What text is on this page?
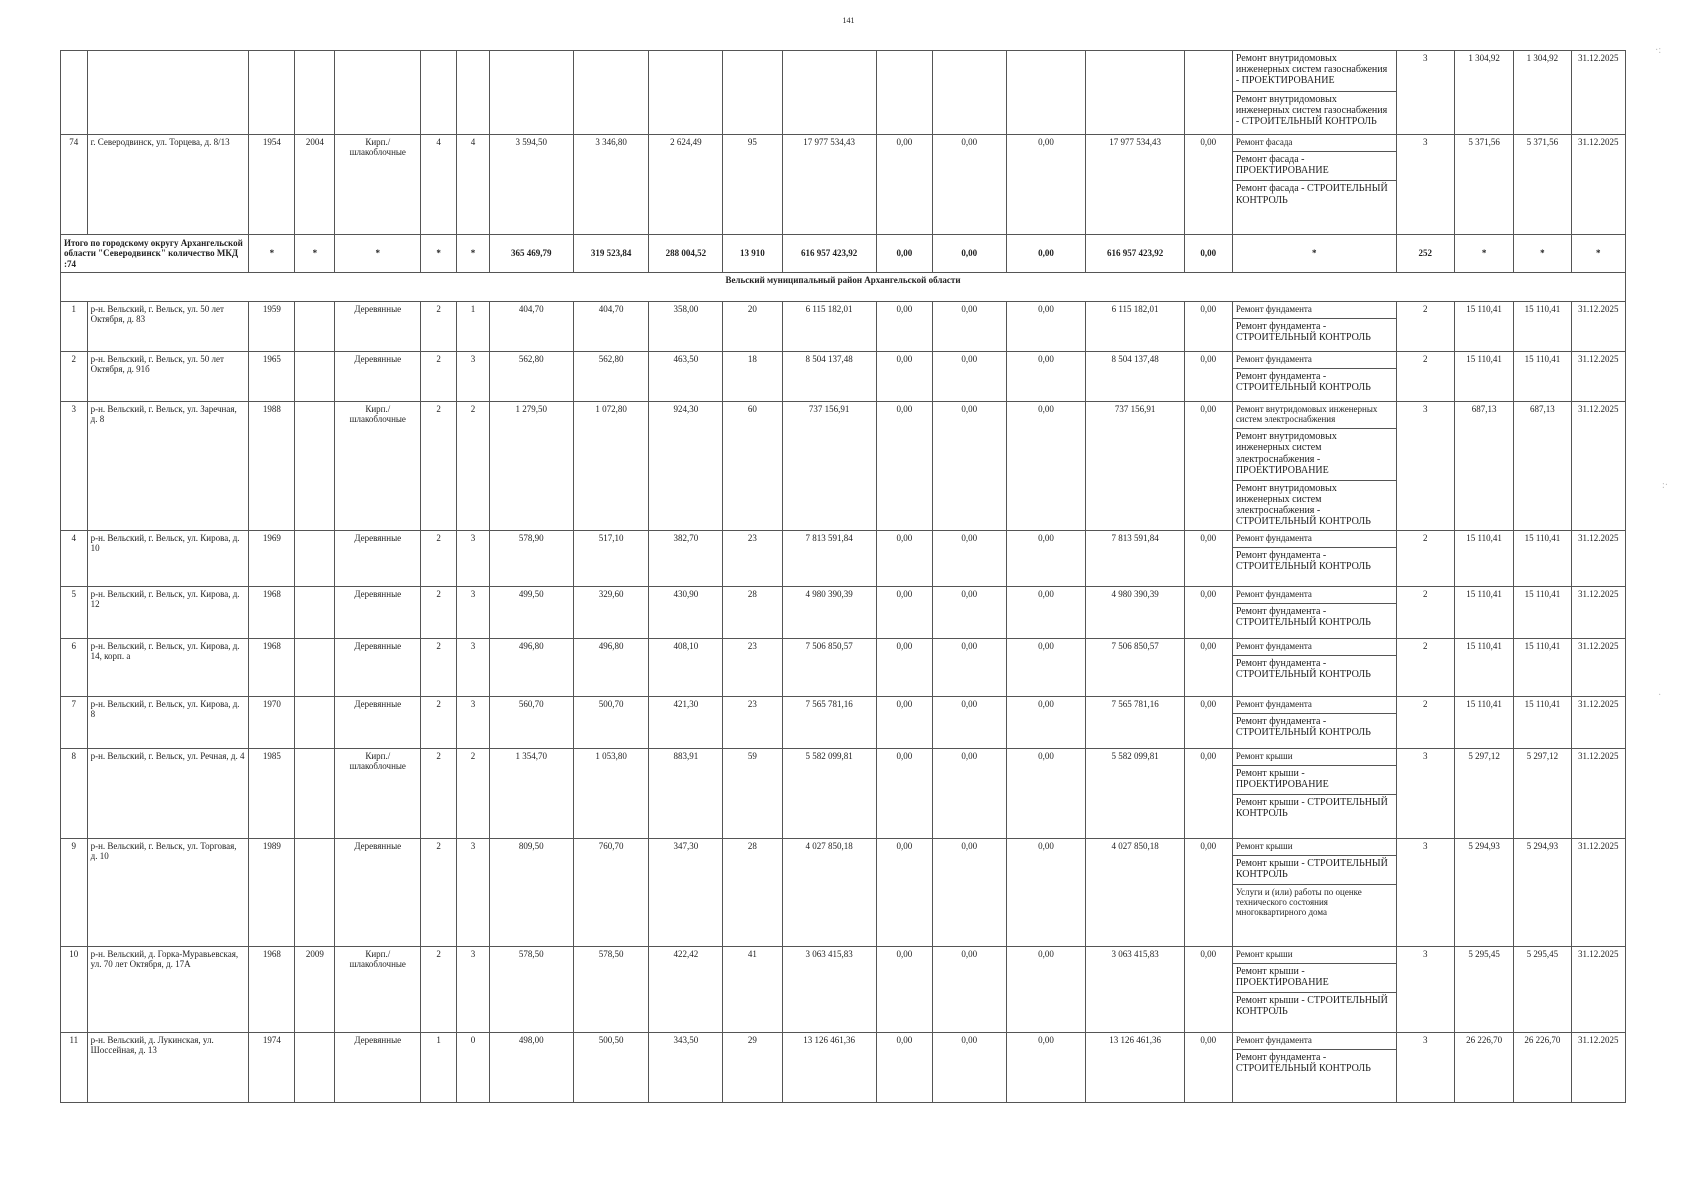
141

																	Ремонт внутридомовых инженерных систем газоснабжения - ПРОЕКТИРОВАНИЕ
Ремонт внутридомовых инженерных систем газоснабжения - СТРОИТЕЛЬНЫЙ КОНТРОЛЬ	3	1 304,92	1 304,92	31.12.2025
74	г. Северодвинск, ул. Торцева, д. 8/13	1954	2004	Кирп./шлакоблочные	4	4	3 594,50	3 346,80	2 624,49	95	17 977 534,43	0,00	0,00	0,00	17 977 534,43	0,00	Ремонт фасада
Ремонт фасада - ПРОЕКТИРОВАНИЕ
Ремонт фасада - СТРОИТЕЛЬНЫЙ КОНТРОЛЬ	3	5 371,56	5 371,56	31.12.2025
Итого по городскому округу Архангельской области "Северодвинск" количество МКД :74		*	*	*	*	*	365 469,79	319 523,84	288 004,52	13 910	616 957 423,92	0,00	0,00	0,00	616 957 423,92	0,00	*	252	*	*	*
Вельский муниципальный район Архангельской области																					
1	р-н. Вельский, г. Вельск, ул. 50 лет Октября, д. 83	1959		Деревянные	2	1	404,70	404,70	358,00	20	6 115 182,01	0,00	0,00	0,00	6 115 182,01	0,00	Ремонт фундамента
Ремонт фундамента - СТРОИТЕЛЬНЫЙ КОНТРОЛЬ	2	15 110,41	15 110,41	31.12.2025
2	р-н. Вельский, г. Вельск, ул. 50 лет Октября, д. 91б	1965		Деревянные	2	3	562,80	562,80	463,50	18	8 504 137,48	0,00	0,00	0,00	8 504 137,48	0,00	Ремонт фундамента
Ремонт фундамента - СТРОИТЕЛЬНЫЙ КОНТРОЛЬ	2	15 110,41	15 110,41	31.12.2025
3	р-н. Вельский, г. Вельск, ул. Заречная, д. 8	1988		Кирп./шлакоблочные	2	2	1 279,50	1 072,80	924,30	60	737 156,91	0,00	0,00	0,00	737 156,91	0,00	Ремонт внутридомовых инженерных систем электроснабжения
Ремонт внутридомовых инженерных систем электроснабжения - ПРОЕКТИРОВАНИЕ
Ремонт внутридомовых инженерных систем электроснабжения - СТРОИТЕЛЬНЫЙ КОНТРОЛЬ	3	687,13	687,13	31.12.2025
4	р-н. Вельский, г. Вельск, ул. Кирова, д. 10	1969		Деревянные	2	3	578,90	517,10	382,70	23	7 813 591,84	0,00	0,00	0,00	7 813 591,84	0,00	Ремонт фундамента
Ремонт фундамента - СТРОИТЕЛЬНЫЙ КОНТРОЛЬ	2	15 110,41	15 110,41	31.12.2025
5	р-н. Вельский, г. Вельск, ул. Кирова, д. 12	1968		Деревянные	2	3	499,50	329,60	430,90	28	4 980 390,39	0,00	0,00	0,00	4 980 390,39	0,00	Ремонт фундамента
Ремонт фундамента - СТРОИТЕЛЬНЫЙ КОНТРОЛЬ	2	15 110,41	15 110,41	31.12.2025
6	р-н. Вельский, г. Вельск, ул. Кирова, д. 14, корп. а	1968		Деревянные	2	3	496,80	496,80	408,10	23	7 506 850,57	0,00	0,00	0,00	7 506 850,57	0,00	Ремонт фундамента
Ремонт фундамента - СТРОИТЕЛЬНЫЙ КОНТРОЛЬ	2	15 110,41	15 110,41	31.12.2025
7	р-н. Вельский, г. Вельск, ул. Кирова, д. 8	1970		Деревянные	2	3	560,70	500,70	421,30	23	7 565 781,16	0,00	0,00	0,00	7 565 781,16	0,00	Ремонт фундамента
Ремонт фундамента - СТРОИТЕЛЬНЫЙ КОНТРОЛЬ	2	15 110,41	15 110,41	31.12.2025
8	р-н. Вельский, г. Вельск, ул. Речная, д. 4	1985		Кирп./шлакоблочные	2	2	1 354,70	1 053,80	883,91	59	5 582 099,81	0,00	0,00	0,00	5 582 099,81	0,00	Ремонт крыши
Ремонт крыши - ПРОЕКТИРОВАНИЕ
Ремонт крыши - СТРОИТЕЛЬНЫЙ КОНТРОЛЬ	3	5 297,12	5 297,12	31.12.2025
9	р-н. Вельский, г. Вельск, ул. Торговая, д. 10	1989		Деревянные	2	3	809,50	760,70	347,30	28	4 027 850,18	0,00	0,00	0,00	4 027 850,18	0,00	Ремонт крыши
Ремонт крыши - СТРОИТЕЛЬНЫЙ КОНТРОЛЬ
Услуги и (или) работы по оценке технического состояния многоквартирного дома	3	5 294,93	5 294,93	31.12.2025
10	р-н. Вельский, д. Горка-Муравьевская, ул. 70 лет Октября, д. 17А	1968	2009	Кирп./шлакоблочные	2	3	578,50	578,50	422,42	41	3 063 415,83	0,00	0,00	0,00	3 063 415,83	0,00	Ремонт крыши
Ремонт крыши - ПРОЕКТИРОВАНИЕ
Ремонт крыши - СТРОИТЕЛЬНЫЙ КОНТРОЛЬ	3	5 295,45	5 295,45	31.12.2025
11	р-н. Вельский, д. Лукинская, ул. Шоссейная, д. 13	1974		Деревянные	1	0	498,00	500,50	343,50	29	13 126 461,36	0,00	0,00	0,00	13 126 461,36	0,00	Ремонт фундамента
Ремонт фундамента - СТРОИТЕЛЬНЫЙ КОНТРОЛЬ	3	26 226,70	26 226,70	31.12.2025
·:
:·
·
